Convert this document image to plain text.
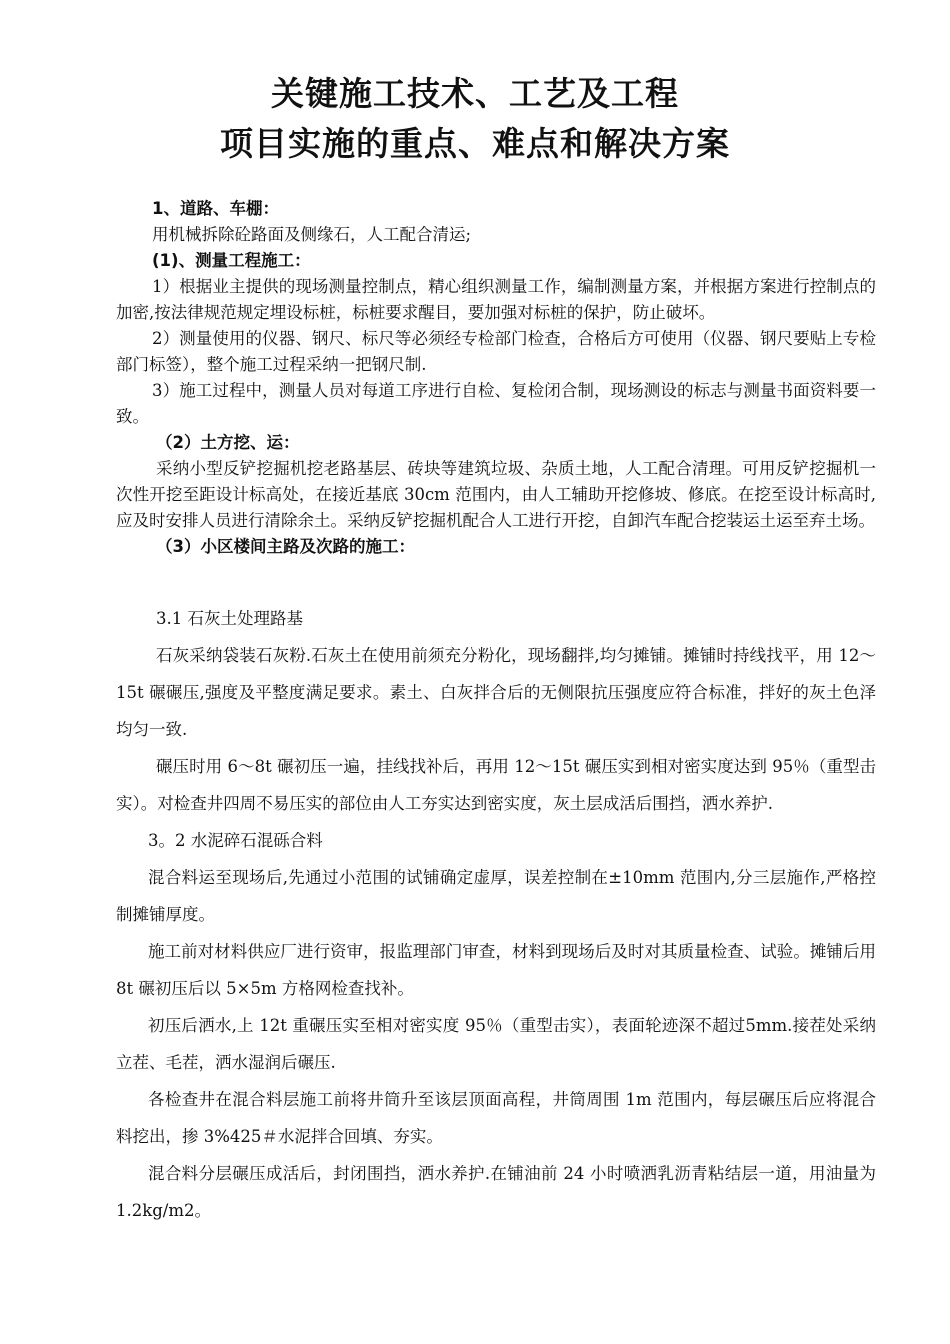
关键施工技术、工艺及工程
项目实施的重点、难点和解决方案

1、道路、车棚：

用机械拆除砼路面及侧缘石，人工配合清运;

(1)、测量工程施工：

1）根据业主提供的现场测量控制点，精心组织测量工作，编制测量方案，并根据方案进行控制点的加密,按法律规范规定埋设标桩，标桩要求醒目，要加强对标桩的保护，防止破坏。

2）测量使用的仪器、钢尺、标尺等必须经专检部门检查，合格后方可使用（仪器、钢尺要贴上专检部门标签），整个施工过程采纳一把钢尺制.

3）施工过程中，测量人员对每道工序进行自检、复检闭合制，现场测设的标志与测量书面资料要一致。

（2）土方挖、运：

采纳小型反铲挖掘机挖老路基层、砖块等建筑垃圾、杂质土地，人工配合清理。可用反铲挖掘机一次性开挖至距设计标高处，在接近基底 30cm 范围内，由人工辅助开挖修坡、修底。在挖至设计标高时,应及时安排人员进行清除余土。采纳反铲挖掘机配合人工进行开挖，自卸汽车配合挖装运土运至弃土场。

（3）小区楼间主路及次路的施工：

3.1 石灰土处理路基

石灰采纳袋装石灰粉.石灰土在使用前须充分粉化，现场翻拌,均匀摊铺。摊铺时持线找平，用 12～15t 碾碾压,强度及平整度满足要求。素土、白灰拌合后的无侧限抗压强度应符合标准，拌好的灰土色泽均匀一致.

碾压时用 6～8t 碾初压一遍，挂线找补后，再用 12～15t 碾压实到相对密实度达到 95％（重型击实）。对检查井四周不易压实的部位由人工夯实达到密实度，灰土层成活后围挡，洒水养护.

3。2 水泥碎石混砾合料

混合料运至现场后,先通过小范围的试铺确定虚厚，误差控制在±10mm 范围内,分三层施作,严格控制摊铺厚度。

施工前对材料供应厂进行资审，报监理部门审查，材料到现场后及时对其质量检查、试验。摊铺后用 8t 碾初压后以 5×5m 方格网检查找补。

初压后洒水,上 12t 重碾压实至相对密实度 95％（重型击实），表面轮迹深不超过5mm.接茬处采纳立茬、毛茬，洒水湿润后碾压.

各检查井在混合料层施工前将井筒升至该层顶面高程，井筒周围 1m 范围内，每层碾压后应将混合料挖出，掺 3%425＃水泥拌合回填、夯实。

混合料分层碾压成活后，封闭围挡，洒水养护.在铺油前 24 小时喷洒乳沥青粘结层一道，用油量为 1.2kg/m2。
